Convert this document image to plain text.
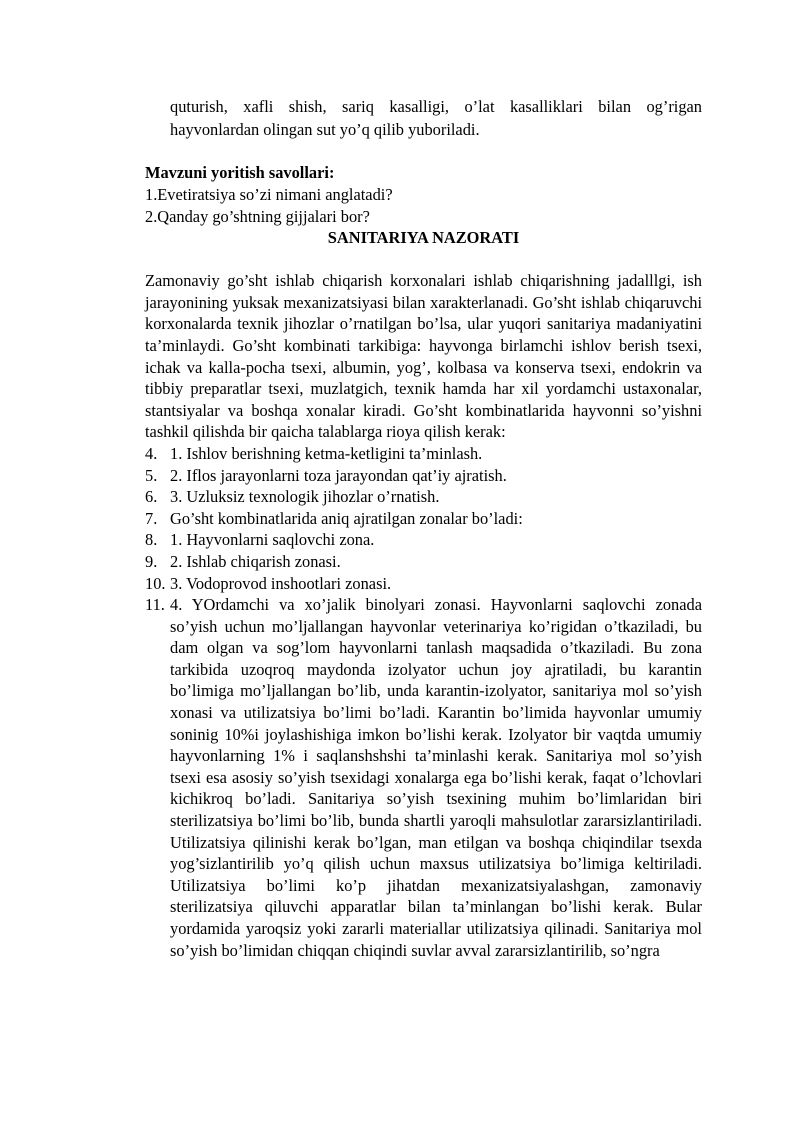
quturish, xafli shish, sariq kasalligi, o’lat kasalliklari bilan og’rigan hayvonlardan olingan sut yo’q qilib yuboriladi.
Mavzuni yoritish savollari:
1.Evetiratsiya so’zi nimani anglatadi?
2.Qanday go’shtning gijjalari bor?
SANITARIYA NAZORATI
Zamonaviy go’sht ishlab chiqarish korxonalari ishlab chiqarishning jadalllgi, ish jarayonining yuksak mexanizatsiyasi bilan xarakterlanadi. Go’sht ishlab chiqaruvchi korxonalarda texnik jihozlar o’rnatilgan bo’lsa, ular yuqori sanitariya madaniyatini ta’minlaydi. Go’sht kombinati tarkibiga: hayvonga birlamchi ishlov berish tsexi, ichak va kalla-pocha tsexi, albumin, yog’, kolbasa va konserva tsexi, endokrin va tibbiy preparatlar tsexi, muzlatgich, texnik hamda har xil yordamchi ustaxonalar, stantsiyalar va boshqa xonalar kiradi. Go’sht kombinatlarida hayvonni so’yishni tashkil qilishda bir qaicha talablarga rioya qilish kerak:
4. 1. Ishlov berishning ketma-ketligini ta’minlash.
5. 2. Iflos jarayonlarni toza jarayondan qat’iy ajratish.
6. 3. Uzluksiz texnologik jihozlar o’rnatish.
7. Go’sht kombinatlarida aniq ajratilgan zonalar bo’ladi:
8. 1. Hayvonlarni saqlovchi zona.
9. 2. Ishlab chiqarish zonasi.
10. 3. Vodoprovod inshootlari zonasi.
11. 4. YOrdamchi va xo’jalik binolyari zonasi. Hayvonlarni saqlovchi zonada so’yish uchun mo’ljallangan hayvonlar veterinariya ko’rigidan o’tkaziladi, bu dam olgan va sog’lom hayvonlarni tanlash maqsadida o’tkaziladi. Bu zona tarkibida uzoqroq maydonda izolyator uchun joy ajratiladi, bu karantin bo’limiga mo’ljallangan bo’lib, unda karantin-izolyator, sanitariya mol so’yish xonasi va utilizatsiya bo’limi bo’ladi. Karantin bo’limida hayvonlar umumiy soninig 10%i joylashishiga imkon bo’lishi kerak. Izolyator bir vaqtda umumiy hayvonlarning 1% i saqlanshshshi ta’minlashi kerak. Sanitariya mol so’yish tsexi esa asosiy so’yish tsexidagi xonalarga ega bo’lishi kerak, faqat o’lchovlari kichikroq bo’ladi. Sanitariya so’yish tsexining muhim bo’limlaridan biri sterilizatsiya bo’limi bo’lib, bunda shartli yaroqli mahsulotlar zararsizlantiriladi. Utilizatsiya qilinishi kerak bo’lgan, man etilgan va boshqa chiqindilar tsexda yog’sizlantirilib yo’q qilish uchun maxsus utilizatsiya bo’limiga keltiriladi. Utilizatsiya bo’limi ko’p jihatdan mexanizatsiyalashgan, zamonaviy sterilizatsiya qiluvchi apparatlar bilan ta’minlangan bo’lishi kerak. Bular yordamida yaroqsiz yoki zararli materiallar utilizatsiya qilinadi. Sanitariya mol so’yish bo’limidan chiqqan chiqindi suvlar avval zararsizlantirilib, so’ngra
